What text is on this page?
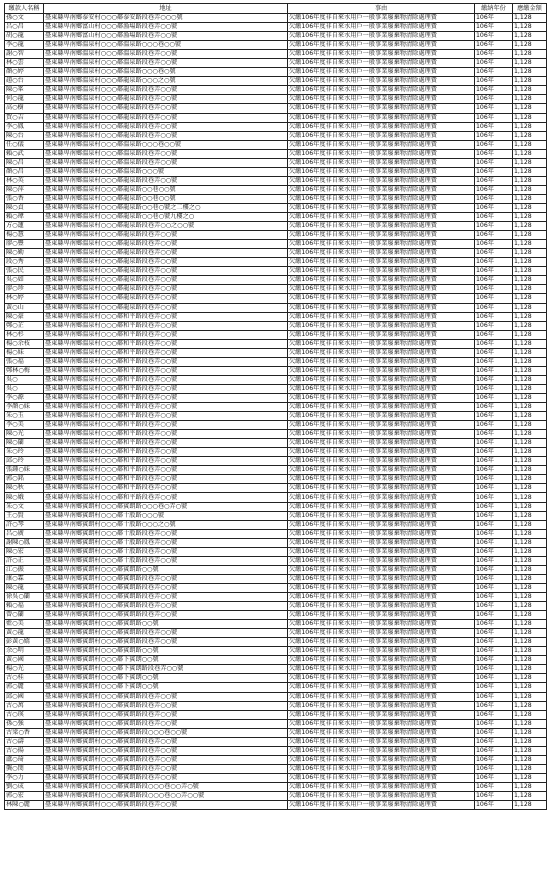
繳款人名稱	地址	事由	繳納年份	應繳金額
孫○文	臺東縣卑南鄉泰安村○○○鄰泰安路段巷弄○○○號	欠繳106年度非自來水用戶一般事業廢棄物清除處理費	106年	1,128
呂○昌	臺東縣卑南鄉富山村○○○鄰漁場路段巷弄○○號	欠繳106年度非自來水用戶一般事業廢棄物清除處理費	106年	1,128
胡○龍	臺東縣卑南鄉富山村○○○鄰漁場路段巷弄○○號	欠繳106年度非自來水用戶一般事業廢棄物清除處理費	106年	1,128
李○龍	臺東縣卑南鄉溫泉村○○○鄰溫泉路○○○巷○○號	欠繳106年度非自來水用戶一般事業廢棄物清除處理費	106年	1,128
謝○智	臺東縣卑南鄉溫泉村○○○鄰溫泉路段巷弄○○號	欠繳106年度非自來水用戶一般事業廢棄物清除處理費	106年	1,128
林○雲	臺東縣卑南鄉溫泉村○○○鄰溫泉路段巷弄○○號	欠繳106年度非自來水用戶一般事業廢棄物清除處理費	106年	1,128
顏○婷	臺東縣卑南鄉溫泉村○○○鄰溫泉路○○○巷○號	欠繳106年度非自來水用戶一般事業廢棄物清除處理費	106年	1,128
趙○台	臺東縣卑南鄉溫泉村○○○鄰龍泉路○○○之○號	欠繳106年度非自來水用戶一般事業廢棄物清除處理費	106年	1,128
陳○峯	臺東縣卑南鄉溫泉村○○○鄰龍泉路段巷弄○○號	欠繳106年度非自來水用戶一般事業廢棄物清除處理費	106年	1,128
何○龍	臺東縣卑南鄉溫泉村○○○鄰龍泉路段巷弄○○號	欠繳106年度非自來水用戶一般事業廢棄物清除處理費	106年	1,128
高○樹	臺東縣卑南鄉溫泉村○○○鄰龍泉路段巷弄○○號	欠繳106年度非自來水用戶一般事業廢棄物清除處理費	106年	1,128
賀○吉	臺東縣卑南鄉溫泉村○○○鄰龍泉路段巷弄○○號	欠繳106年度非自來水用戶一般事業廢棄物清除處理費	106年	1,128
李○鳳	臺東縣卑南鄉溫泉村○○○鄰龍泉路段巷弄○○號	欠繳106年度非自來水用戶一般事業廢棄物清除處理費	106年	1,128
陳○台	臺東縣卑南鄉溫泉村○○○鄰龍泉路段巷弄○○號	欠繳106年度非自來水用戶一般事業廢棄物清除處理費	106年	1,128
任○儀	臺東縣卑南鄉溫泉村○○○鄰溫泉路○○○巷○○號	欠繳106年度非自來水用戶一般事業廢棄物清除處理費	106年	1,128
賴○武	臺東縣卑南鄉溫泉村○○○鄰溫泉路段巷弄○○號	欠繳106年度非自來水用戶一般事業廢棄物清除處理費	106年	1,128
陳○昌	臺東縣卑南鄉溫泉村○○○鄰溫泉路段巷弄○○號	欠繳106年度非自來水用戶一般事業廢棄物清除處理費	106年	1,128
顏○昌	臺東縣卑南鄉溫泉村○○○鄰溫泉路○○○號	欠繳106年度非自來水用戶一般事業廢棄物清除處理費	106年	1,128
林○英	臺東縣卑南鄉溫泉村○○○鄰龍泉路段巷弄○○號	欠繳106年度非自來水用戶一般事業廢棄物清除處理費	106年	1,128
陳○萍	臺東縣卑南鄉溫泉村○○○鄰龍泉路○○巷○○號	欠繳106年度非自來水用戶一般事業廢棄物清除處理費	106年	1,128
張○香	臺東縣卑南鄉溫泉村○○○鄰龍泉路○○巷○○號	欠繳106年度非自來水用戶一般事業廢棄物清除處理費	106年	1,128
陳○貞	臺東縣卑南鄉溫泉村○○○鄰龍泉路○○巷○號之二樓之○	欠繳106年度非自來水用戶一般事業廢棄物清除處理費	106年	1,128
賴○瑋	臺東縣卑南鄉溫泉村○○○鄰龍泉路○○巷○號九樓之○	欠繳106年度非自來水用戶一般事業廢棄物清除處理費	106年	1,128
方○蓮	臺東縣卑南鄉溫泉村○○○鄰龍泉路段巷弄○○之○○號	欠繳106年度非自來水用戶一般事業廢棄物清除處理費	106年	1,128
楊○慧	臺東縣卑南鄉溫泉村○○○鄰龍泉路段巷弄○○號	欠繳106年度非自來水用戶一般事業廢棄物清除處理費	106年	1,128
廖○豐	臺東縣卑南鄉溫泉村○○○鄰龍泉路段巷弄○○號	欠繳106年度非自來水用戶一般事業廢棄物清除處理費	106年	1,128
陳○勤	臺東縣卑南鄉溫泉村○○○鄰龍泉路段巷弄○○號	欠繳106年度非自來水用戶一般事業廢棄物清除處理費	106年	1,128
段○秀	臺東縣卑南鄉溫泉村○○○鄰龍泉路段巷弄○○號	欠繳106年度非自來水用戶一般事業廢棄物清除處理費	106年	1,128
張○民	臺東縣卑南鄉溫泉村○○○鄰龍泉路段巷弄○○號	欠繳106年度非自來水用戶一般事業廢棄物清除處理費	106年	1,128
吳○如	臺東縣卑南鄉溫泉村○○○鄰龍泉路段巷弄○○號	欠繳106年度非自來水用戶一般事業廢棄物清除處理費	106年	1,128
廖○珍	臺東縣卑南鄉溫泉村○○○鄰龍泉路段巷弄○○號	欠繳106年度非自來水用戶一般事業廢棄物清除處理費	106年	1,128
林○婷	臺東縣卑南鄉溫泉村○○○鄰龍泉路段巷弄○○號	欠繳106年度非自來水用戶一般事業廢棄物清除處理費	106年	1,128
黃○山	臺東縣卑南鄉溫泉村○○○鄰龍泉路段巷弄○○號	欠繳106年度非自來水用戶一般事業廢棄物清除處理費	106年	1,128
陳○豪	臺東縣卑南鄉溫泉村○○○鄰和平路段巷弄○○號	欠繳106年度非自來水用戶一般事業廢棄物清除處理費	106年	1,128
鄭○芷	臺東縣卑南鄉溫泉村○○○鄰和平路段巷弄○○號	欠繳106年度非自來水用戶一般事業廢棄物清除處理費	106年	1,128
林○杉	臺東縣卑南鄉溫泉村○○○鄰和平路段巷弄○○號	欠繳106年度非自來水用戶一般事業廢棄物清除處理費	106年	1,128
楊○余枝	臺東縣卑南鄉溫泉村○○○鄰和平路段巷弄○○號	欠繳106年度非自來水用戶一般事業廢棄物清除處理費	106年	1,128
楊○妹	臺東縣卑南鄉溫泉村○○○鄰和平路段巷弄○○號	欠繳106年度非自來水用戶一般事業廢棄物清除處理費	106年	1,128
張○福	臺東縣卑南鄉溫泉村○○○鄰和平路段巷弄○○號	欠繳106年度非自來水用戶一般事業廢棄物清除處理費	106年	1,128
鄭林○梅	臺東縣卑南鄉溫泉村○○○鄰和平路段巷弄○○號	欠繳106年度非自來水用戶一般事業廢棄物清除處理費	106年	1,128
吳○	臺東縣卑南鄉溫泉村○○○鄰和平路段巷弄○○號	欠繳106年度非自來水用戶一般事業廢棄物清除處理費	106年	1,128
吳○	臺東縣卑南鄉溫泉村○○○鄰和平路段巷弄○○號	欠繳106年度非自來水用戶一般事業廢棄物清除處理費	106年	1,128
李○源	臺東縣卑南鄉溫泉村○○○鄰和平路段巷弄○○號	欠繳106年度非自來水用戶一般事業廢棄物清除處理費	106年	1,128
李顏○妹	臺東縣卑南鄉溫泉村○○○鄰和平路段巷弄○○號	欠繳106年度非自來水用戶一般事業廢棄物清除處理費	106年	1,128
朱○玉	臺東縣卑南鄉溫泉村○○○鄰和平路段巷弄○○號	欠繳106年度非自來水用戶一般事業廢棄物清除處理費	106年	1,128
李○美	臺東縣卑南鄉溫泉村○○○鄰和平路段巷弄○○號	欠繳106年度非自來水用戶一般事業廢棄物清除處理費	106年	1,128
陳○光	臺東縣卑南鄉溫泉村○○○鄰和平路段巷弄○○號	欠繳106年度非自來水用戶一般事業廢棄物清除處理費	106年	1,128
陳○蘭	臺東縣卑南鄉溫泉村○○○鄰和平路段巷弄○○號	欠繳106年度非自來水用戶一般事業廢棄物清除處理費	106年	1,128
朱○玲	臺東縣卑南鄉溫泉村○○○鄰和平路段巷弄○○號	欠繳106年度非自來水用戶一般事業廢棄物清除處理費	106年	1,128
邱○玲	臺東縣卑南鄉溫泉村○○○鄰和平路段巷弄○○號	欠繳106年度非自來水用戶一般事業廢棄物清除處理費	106年	1,128
張鍾○妹	臺東縣卑南鄉溫泉村○○○鄰和平路段巷弄○○號	欠繳106年度非自來水用戶一般事業廢棄物清除處理費	106年	1,128
郭○銘	臺東縣卑南鄉溫泉村○○○鄰和平路段巷弄○○號	欠繳106年度非自來水用戶一般事業廢棄物清除處理費	106年	1,128
陳○秋	臺東縣卑南鄉溫泉村○○○鄰和平路段巷弄○○號	欠繳106年度非自來水用戶一般事業廢棄物清除處理費	106年	1,128
陳○娥	臺東縣卑南鄉溫泉村○○○鄰和平路段巷弄○○號	欠繳106年度非自來水用戶一般事業廢棄物清除處理費	106年	1,128
朱○文	臺東縣卑南鄉賓朗村○○○鄰賓朗路○○○巷○弄○號	欠繳106年度非自來水用戶一般事業廢棄物清除處理費	106年	1,128
王○賢	臺東縣卑南鄉賓朗村○○○鄰十股路○○○號	欠繳106年度非自來水用戶一般事業廢棄物清除處理費	106年	1,128
許○琴	臺東縣卑南鄉賓朗村○○○鄰十股路○○○之○號	欠繳106年度非自來水用戶一般事業廢棄物清除處理費	106年	1,128
呂○廣	臺東縣卑南鄉賓朗村○○○鄰十股路段巷弄○○號	欠繳106年度非自來水用戶一般事業廢棄物清除處理費	106年	1,128
謝陳○鳳	臺東縣卑南鄉賓朗村○○○鄰十股路段巷弄○○號	欠繳106年度非自來水用戶一般事業廢棄物清除處理費	106年	1,128
陳○宏	臺東縣卑南鄉賓朗村○○○鄰十股路段巷弄○○號	欠繳106年度非自來水用戶一般事業廢棄物清除處理費	106年	1,128
許○正	臺東縣卑南鄉賓朗村○○○鄰十股路段巷弄○○號	欠繳106年度非自來水用戶一般事業廢棄物清除處理費	106年	1,128
江○振	臺東縣卑南鄉賓朗村○○○鄰賓朗路○○號	欠繳106年度非自來水用戶一般事業廢棄物清除處理費	106年	1,128
康○霖	臺東縣卑南鄉賓朗村○○○鄰賓朗路段巷弄○○號	欠繳106年度非自來水用戶一般事業廢棄物清除處理費	106年	1,128
陳○龍	臺東縣卑南鄉賓朗村○○○鄰賓朗路段巷弄○○號	欠繳106年度非自來水用戶一般事業廢棄物清除處理費	106年	1,128
徐吳○蘭	臺東縣卑南鄉賓朗村○○○鄰賓朗路段巷弄○○號	欠繳106年度非自來水用戶一般事業廢棄物清除處理費	106年	1,128
賴○福	臺東縣卑南鄉賓朗村○○○鄰賓朗路段巷弄○○號	欠繳106年度非自來水用戶一般事業廢棄物清除處理費	106年	1,128
曾○蘭	臺東縣卑南鄉賓朗村○○○鄰賓朗路段巷弄○○號	欠繳106年度非自來水用戶一般事業廢棄物清除處理費	106年	1,128
藍○美	臺東縣卑南鄉賓朗村○○○鄰賓朗路○○號	欠繳106年度非自來水用戶一般事業廢棄物清除處理費	106年	1,128
黃○龍	臺東縣卑南鄉賓朗村○○○鄰賓朗路段巷弄○○號	欠繳106年度非自來水用戶一般事業廢棄物清除處理費	106年	1,128
彭黃○嬌	臺東縣卑南鄉賓朗村○○○鄰賓朗路段巷弄○○號	欠繳106年度非自來水用戶一般事業廢棄物清除處理費	106年	1,128
余○明	臺東縣卑南鄉賓朗村○○○鄰賓朗路○○號	欠繳106年度非自來水用戶一般事業廢棄物清除處理費	106年	1,128
黃○國	臺東縣卑南鄉賓朗村○○○鄰下賓朗○○號	欠繳106年度非自來水用戶一般事業廢棄物清除處理費	106年	1,128
楊○光	臺東縣卑南鄉賓朗村○○○鄰下賓朗路段巷弄○○號	欠繳106年度非自來水用戶一般事業廢棄物清除處理費	106年	1,128
古○桂	臺東縣卑南鄉賓朗村○○○鄰下賓朗○○號	欠繳106年度非自來水用戶一般事業廢棄物清除處理費	106年	1,128
郭○麗	臺東縣卑南鄉賓朗村○○○鄰下賓朗○○號	欠繳106年度非自來水用戶一般事業廢棄物清除處理費	106年	1,128
邱○國	臺東縣卑南鄉賓朗村○○○鄰賓朗路段巷弄○○號	欠繳106年度非自來水用戶一般事業廢棄物清除處理費	106年	1,128
古○萬	臺東縣卑南鄉賓朗村○○○鄰賓朗路段巷弄○○號	欠繳106年度非自來水用戶一般事業廢棄物清除處理費	106年	1,128
古○瑛	臺東縣卑南鄉賓朗村○○○鄰賓朗路段巷弄○○號	欠繳106年度非自來水用戶一般事業廢棄物清除處理費	106年	1,128
孫○強	臺東縣卑南鄉賓朗村○○○鄰賓朗路段巷弄○○號	欠繳106年度非自來水用戶一般事業廢棄物清除處理費	106年	1,128
古梁○香	臺東縣卑南鄉賓朗村○○○鄰賓朗路段○○○巷○○號	欠繳106年度非自來水用戶一般事業廢棄物清除處理費	106年	1,128
古○濤	臺東縣卑南鄉賓朗村○○○鄰賓朗路段巷弄○○號	欠繳106年度非自來水用戶一般事業廢棄物清除處理費	106年	1,128
古○揚	臺東縣卑南鄉賓朗村○○○鄰賓朗路段巷弄○○號	欠繳106年度非自來水用戶一般事業廢棄物清除處理費	106年	1,128
盧○琦	臺東縣卑南鄉賓朗村○○○鄰賓朗路段巷弄○○號	欠繳106年度非自來水用戶一般事業廢棄物清除處理費	106年	1,128
龔○閔	臺東縣卑南鄉賓朗村○○○鄰賓朗路段巷弄○○號	欠繳106年度非自來水用戶一般事業廢棄物清除處理費	106年	1,128
李○力	臺東縣卑南鄉賓朗村○○○鄰賓朗路段巷弄○○號	欠繳106年度非自來水用戶一般事業廢棄物清除處理費	106年	1,128
劉○成	臺東縣卑南鄉賓朗村○○○鄰賓朗路段○○○巷○○弄○號	欠繳106年度非自來水用戶一般事業廢棄物清除處理費	106年	1,128
郭○宏	臺東縣卑南鄉賓朗村○○○鄰賓朗路段○○○巷○○弄○○號	欠繳106年度非自來水用戶一般事業廢棄物清除處理費	106年	1,128
林陳○麗	臺東縣卑南鄉賓朗村○○○鄰賓朗路段巷弄○○號	欠繳106年度非自來水用戶一般事業廢棄物清除處理費	106年	1,128
